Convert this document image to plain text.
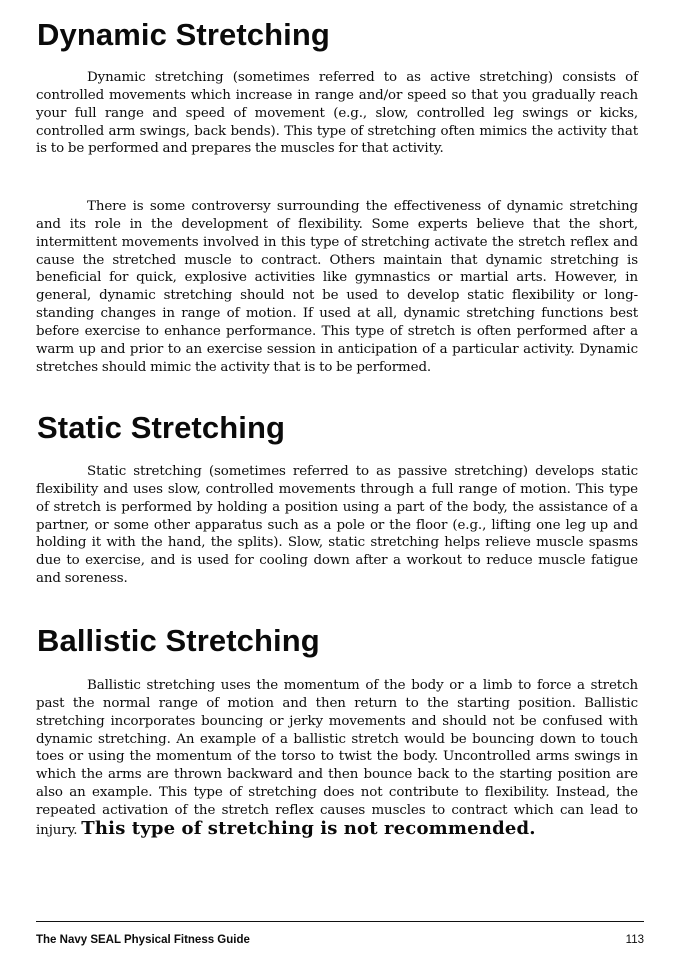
Dynamic Stretching

Dynamic stretching (sometimes referred to as active stretching) consists of controlled movements which increase in range and/or speed so that you gradually reach your full range and speed of movement (e.g., slow, controlled leg swings or kicks, controlled arm swings, back bends). This type of stretching often mimics the activity that is to be performed and prepares the muscles for that activity.

There is some controversy surrounding the effectiveness of dynamic stretching and its role in the development of flexibility. Some experts believe that the short, intermittent movements involved in this type of stretching activate the stretch reflex and cause the stretched muscle to contract. Others maintain that dynamic stretching is beneficial for quick, explosive activities like gymnastics or martial arts. However, in general, dynamic stretching should not be used to develop static flexibility or long-standing changes in range of motion. If used at all, dynamic stretching functions best before exercise to enhance performance. This type of stretch is often performed after a warm up and prior to an exercise session in anticipation of a particular activity. Dynamic stretches should mimic the activity that is to be performed.

Static Stretching

Static stretching (sometimes referred to as passive stretching) develops static flexibility and uses slow, controlled movements through a full range of motion. This type of stretch is performed by holding a position using a part of the body, the assistance of a partner, or some other apparatus such as a pole or the floor (e.g., lifting one leg up and holding it with the hand, the splits). Slow, static stretching helps relieve muscle spasms due to exercise, and is used for cooling down after a workout to reduce muscle fatigue and soreness.

Ballistic Stretching

Ballistic stretching uses the momentum of the body or a limb to force a stretch past the normal range of motion and then return to the starting position. Ballistic stretching incorporates bouncing or jerky movements and should not be confused with dynamic stretching. An example of a ballistic stretch would be bouncing down to touch toes or using the momentum of the torso to twist the body. Uncontrolled arms swings in which the arms are thrown backward and then bounce back to the starting position are also an example. This type of stretching does not contribute to flexibility. Instead, the repeated activation of the stretch reflex causes muscles to contract which can lead to injury. This type of stretching is not recommended.

The Navy SEAL Physical Fitness Guide	113
